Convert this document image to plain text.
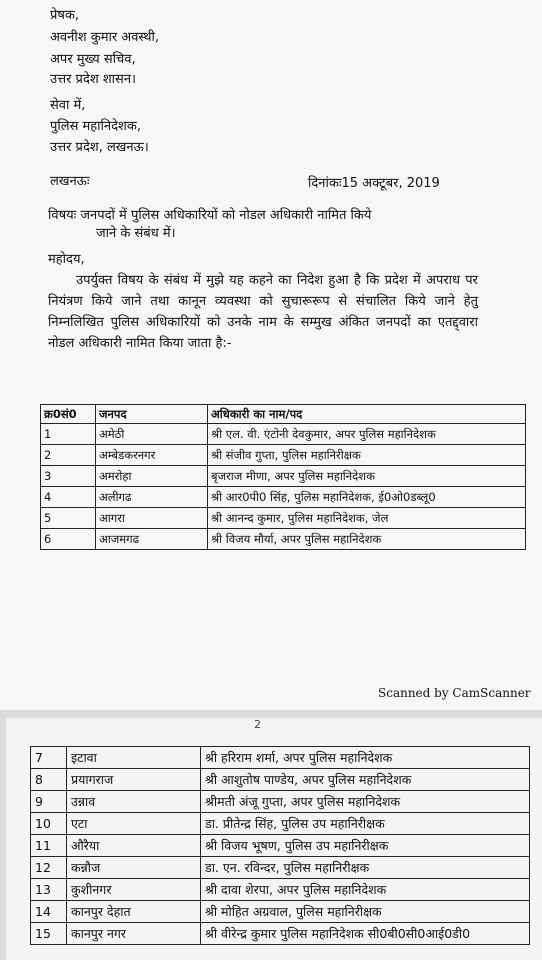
प्रेषक,
अवनीश कुमार अवस्थी,
अपर मुख्य सचिव,
उत्तर प्रदेश शासन।
सेवा में,
पुलिस महानिदेशक,
उत्तर प्रदेश, लखनऊ।
लखनऊः	दिनांकः15 अक्टूबर, 2019
विषयः जनपदों में पुलिस अधिकारियों को नोडल अधिकारी नामित किये
जाने के संबंध में।
महोदय,
उपर्युक्त विषय के संबंध में मुझे यह कहने का निदेश हुआ है कि प्रदेश में अपराध पर नियंत्रण किये जाने तथा कानून व्यवस्था को सुचारूरूप से संचालित किये जाने हेतु निम्नलिखित पुलिस अधिकारियों को उनके नाम के सम्मुख अंकित जनपदों का एतद्द्वारा नोडल अधिकारी नामित किया जाता है:-
क्र0सं0	जनपद	अधिकारी का नाम/पद
1	अमेठी	श्री एल. वी. एंटोनी देवकुमार, अपर पुलिस महानिदेशक
2	अम्बेडकरनगर	श्री संजीव गुप्ता, पुलिस महानिरीक्षक
3	अमरोहा	बृजराज मीणा, अपर पुलिस महानिदेशक
4	अलीगढ	श्री आर0पी0 सिंह, पुलिस महानिदेशक, ई0ओ0डब्लू0
5	आगरा	श्री आनन्द कुमार, पुलिस महानिदेशक, जेल
6	आजमगढ	श्री विजय मौर्या, अपर पुलिस महानिदेशक
Scanned by CamScanner
7	इटावा	श्री हरिराम शर्मा, अपर पुलिस महानिदेशक
8	प्रयागराज	श्री आशुतोष पाण्डेय, अपर पुलिस महानिदेशक
9	उन्नाव	श्रीमती अंजू गुप्ता, अपर पुलिस महानिदेशक
10	एटा	डा. प्रीतेन्द्र सिंह, पुलिस उप महानिरीक्षक
11	औरैया	श्री विजय भूषण, पुलिस उप महानिरीक्षक
12	कन्नौज	डा. एन. रविन्दर, पुलिस महानिरीक्षक
13	कुशीनगर	श्री दावा शेरपा, अपर पुलिस महानिदेशक
14	कानपुर देहात	श्री मोहित अग्रवाल, पुलिस महानिरीक्षक
15	कानपुर नगर	श्री वीरेन्द्र कुमार पुलिस महानिदेशक सी0बी0सी0आई0डी0
2
